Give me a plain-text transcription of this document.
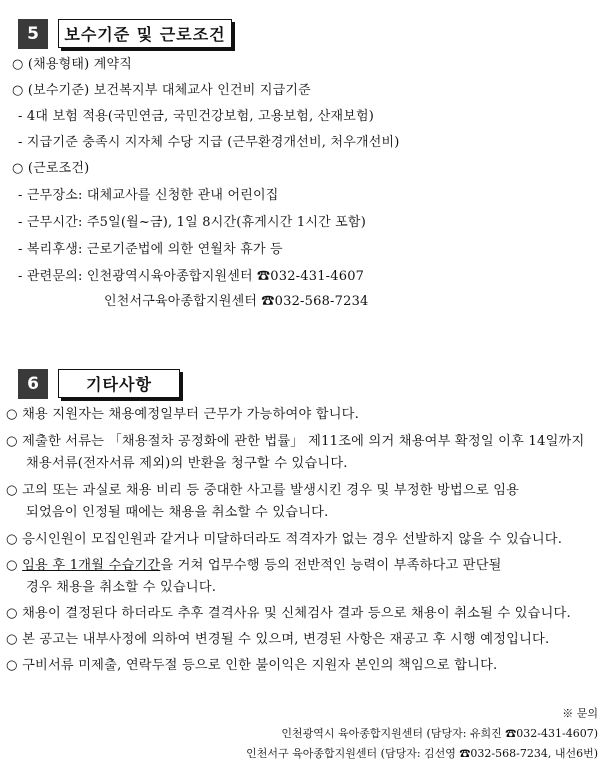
5	보수기준 및 근로조건
○ (채용형태) 계약직
○ (보수기준) 보건복지부 대체교사 인건비 지급기준
- 4대 보험 적용(국민연금, 국민건강보험, 고용보험, 산재보험)
- 지급기준 충족시 지자체 수당 지급 (근무환경개선비, 처우개선비)
○ (근로조건)
- 근무장소: 대체교사를 신청한 관내 어린이집
- 근무시간: 주5일(월~금), 1일 8시간(휴게시간 1시간 포함)
- 복리후생: 근로기준법에 의한 연월차 휴가 등
- 관련문의: 인천광역시육아종합지원센터 ☎032-431-4607
인천서구육아종합지원센터 ☎032-568-7234
6	기타사항
○ 채용 지원자는 채용예정일부터 근무가 가능하여야 합니다.
○ 제출한 서류는 「채용절차 공정화에 관한 법률」 제11조에 의거 채용여부 확정일 이후 14일까지
채용서류(전자서류 제외)의 반환을 청구할 수 있습니다.
○ 고의 또는 과실로 채용 비리 등 중대한 사고를 발생시킨 경우 및 부정한 방법으로 임용
되었음이 인정될 때에는 채용을 취소할 수 있습니다.
○ 응시인원이 모집인원과 같거나 미달하더라도 적격자가 없는 경우 선발하지 않을 수 있습니다.
○ 임용 후 1개월 수습기간을 거쳐 업무수행 등의 전반적인 능력이 부족하다고 판단될
경우 채용을 취소할 수 있습니다.
○ 채용이 결정된다 하더라도 추후 결격사유 및 신체검사 결과 등으로 채용이 취소될 수 있습니다.
○ 본 공고는 내부사정에 의하여 변경될 수 있으며, 변경된 사항은 재공고 후 시행 예정입니다.
○ 구비서류 미제출, 연락두절 등으로 인한 불이익은 지원자 본인의 책임으로 합니다.
※ 문의
인천광역시 육아종합지원센터 (담당자: 유희진 ☎032-431-4607)
인천서구 육아종합지원센터 (담당자: 김선영 ☎032-568-7234, 내선6번)
